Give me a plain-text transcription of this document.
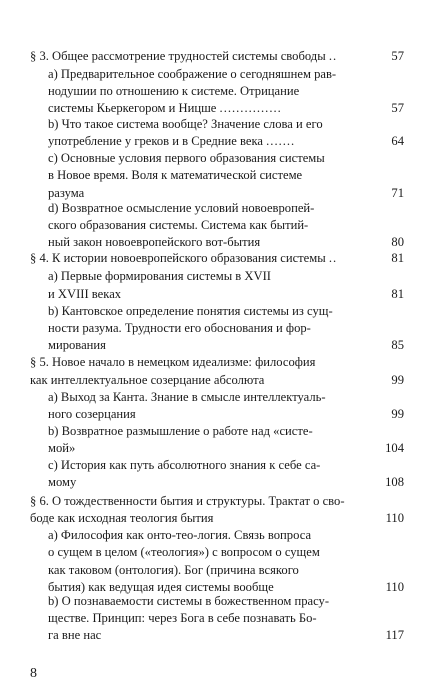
§ 3. Общее рассмотрение трудностей системы свободы ..	57
a) Предварительное соображение о сегодняшнем рав-
нодушии по отношению к системе. Отрицание
системы Кьеркегором и Ницше ...............	57
b) Что такое система вообще? Значение слова и его
употребление у греков и в Средние века .......	64
c) Основные условия первого образования системы
в Новое время. Воля к математической системе
разума	71
d) Возвратное осмысление условий новоевропей-
ского образования системы. Система как бытий-
ный закон новоевропейского вот-бытия	80
§ 4. К истории новоевропейского образования системы ..	81
a) Первые формирования системы в XVII
и XVIII веках	81
b) Кантовское определение понятия системы из сущ-
ности разума. Трудности его обоснования и фор-
мирования	85
§ 5. Новое начало в немецком идеализме: философия
как интеллектуальное созерцание абсолюта	99
a) Выход за Канта. Знание в смысле интеллектуаль-
ного созерцания	99
b) Возвратное размышление о работе над «систе-
мой»	104
c) История как путь абсолютного знания к себе са-
мому	108
§ 6. О тождественности бытия и структуры. Трактат о сво-
боде как исходная теология бытия	110
a) Философия как онто-тео-логия. Связь вопроса
о сущем в целом («теология») с вопросом о сущем
как таковом (онтология). Бог (причина всякого
бытия) как ведущая идея системы вообще	110
b) О познаваемости системы в божественном прасу-
ществе. Принцип: через Бога в себе познавать Бо-
га вне нас	117
8
